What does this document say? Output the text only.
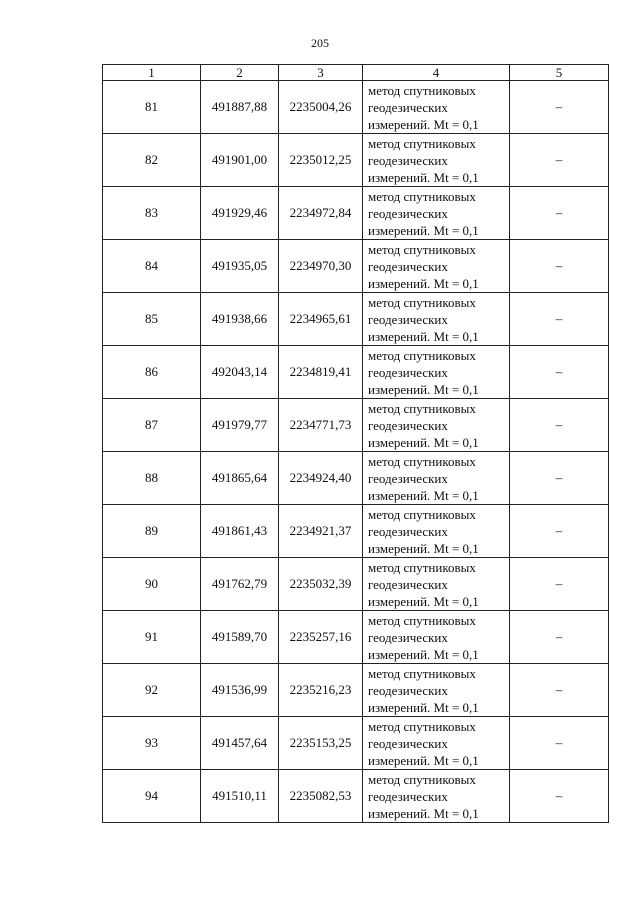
205
1	2	3	4	5
81	491887,88	2235004,26	метод спутниковых
геодезических
измерений. Mt = 0,1	–
82	491901,00	2235012,25	метод спутниковых
геодезических
измерений. Mt = 0,1	–
83	491929,46	2234972,84	метод спутниковых
геодезических
измерений. Mt = 0,1	–
84	491935,05	2234970,30	метод спутниковых
геодезических
измерений. Mt = 0,1	–
85	491938,66	2234965,61	метод спутниковых
геодезических
измерений. Mt = 0,1	–
86	492043,14	2234819,41	метод спутниковых
геодезических
измерений. Mt = 0,1	–
87	491979,77	2234771,73	метод спутниковых
геодезических
измерений. Mt = 0,1	–
88	491865,64	2234924,40	метод спутниковых
геодезических
измерений. Mt = 0,1	–
89	491861,43	2234921,37	метод спутниковых
геодезических
измерений. Mt = 0,1	–
90	491762,79	2235032,39	метод спутниковых
геодезических
измерений. Mt = 0,1	–
91	491589,70	2235257,16	метод спутниковых
геодезических
измерений. Mt = 0,1	–
92	491536,99	2235216,23	метод спутниковых
геодезических
измерений. Mt = 0,1	–
93	491457,64	2235153,25	метод спутниковых
геодезических
измерений. Mt = 0,1	–
94	491510,11	2235082,53	метод спутниковых
геодезических
измерений. Mt = 0,1	–
